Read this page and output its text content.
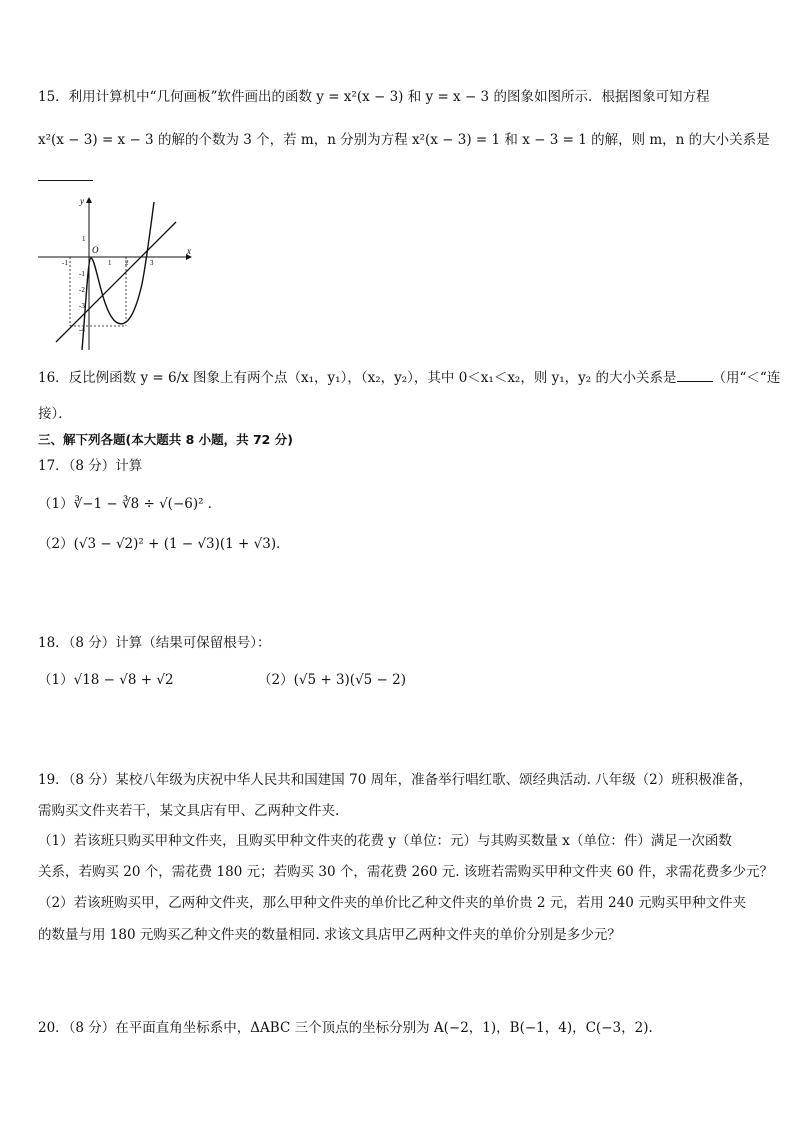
15．利用计算机中“几何画板”软件画出的函数 y = x²(x − 3) 和 y = x − 3 的图象如图所示．根据图象可知方程
x²(x − 3) = x − 3 的解的个数为 3 个，若 m，n 分别为方程 x²(x − 3) = 1 和 x − 3 = 1 的解，则 m，n 的大小关系是
x
y
O
-1	1 2	3
1
-1
-2
-3
-4
16．反比例函数 y = 6/x 图象上有两个点（x₁，y₁），（x₂，y₂），其中 0＜x₁＜x₂，则 y₁，y₂ 的大小关系是	（用“＜“连
接）．
三、解下列各题(本大题共 8 小题，共 72 分)
17．（8 分）计算
（1）∛−1 − ∛8 ÷ √(−6)² ．
（2）(√3 − √2)² + (1 − √3)(1 + √3)．
18．（8 分）计算（结果可保留根号）：
（1）√18 − √8 + √2	（2）(√5 + 3)(√5 − 2)
19．（8 分）某校八年级为庆祝中华人民共和国建国 70 周年，准备举行唱红歌、颂经典活动. 八年级（2）班积极准备，
需购买文件夹若干，某文具店有甲、乙两种文件夹.
（1）若该班只购买甲种文件夹，且购买甲种文件夹的花费 y（单位：元）与其购买数量 x（单位：件）满足一次函数
关系，若购买 20 个，需花费 180 元；若购买 30 个，需花费 260 元. 该班若需购买甲种文件夹 60 件，求需花费多少元？
（2）若该班购买甲，乙两种文件夹，那么甲种文件夹的单价比乙种文件夹的单价贵 2 元，若用 240 元购买甲种文件夹
的数量与用 180 元购买乙种文件夹的数量相同. 求该文具店甲乙两种文件夹的单价分别是多少元？
20．（8 分）在平面直角坐标系中，ΔABC 三个顶点的坐标分别为 A(−2，1)，B(−1，4)，C(−3，2).
